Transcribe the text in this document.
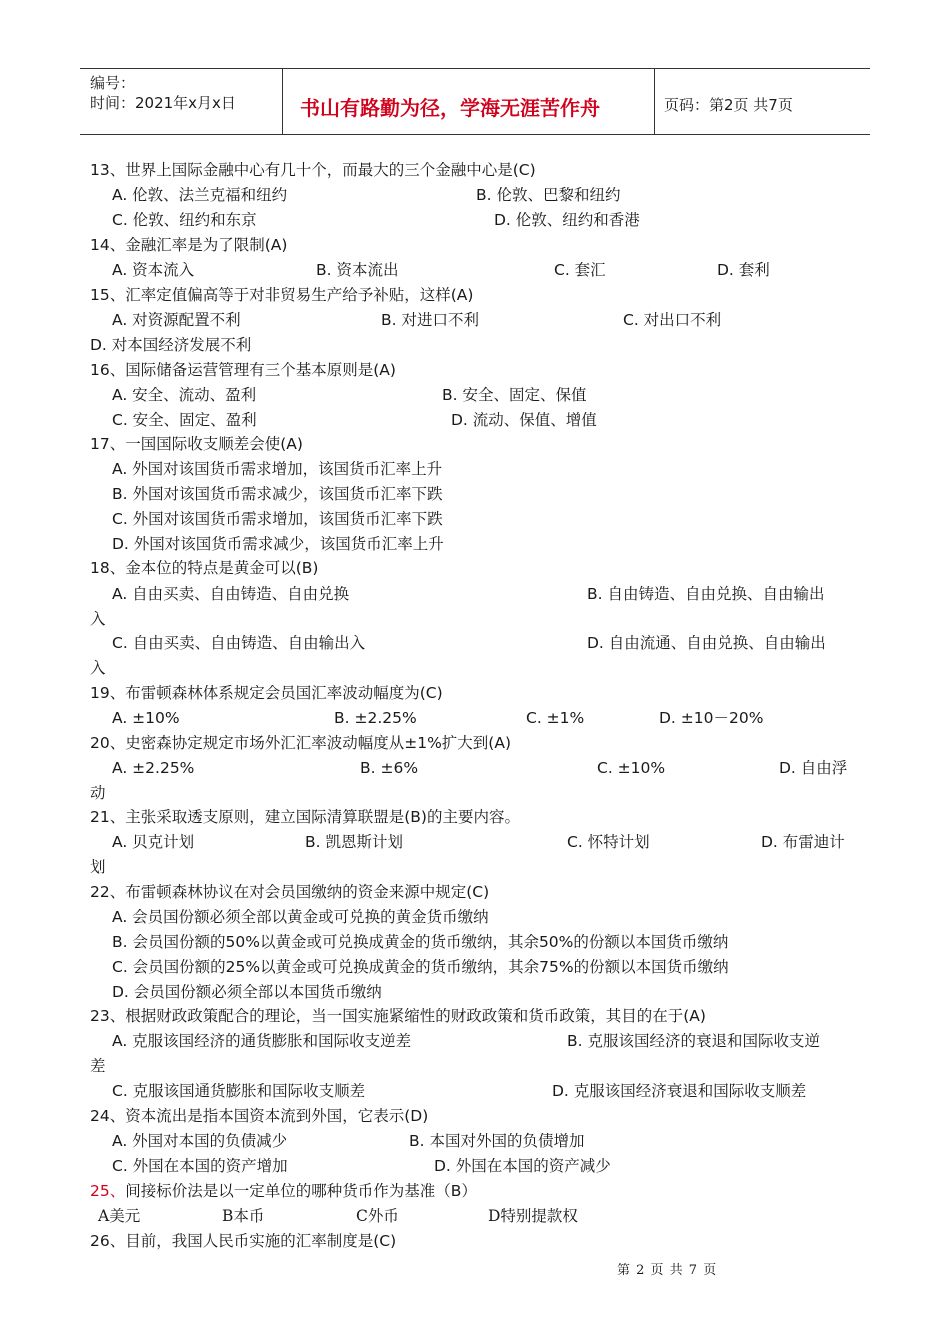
编号：
时间：2021年x月x日	书山有路勤为径，学海无涯苦作舟	页码：第2页 共7页
13、世界上国际金融中心有几十个，而最大的三个金融中心是(C)
A. 伦敦、法兰克福和纽约	B. 伦敦、巴黎和纽约
C. 伦敦、纽约和东京	D. 伦敦、纽约和香港
14、金融汇率是为了限制(A)
A. 资本流入	B. 资本流出	C. 套汇	D. 套利
15、汇率定值偏高等于对非贸易生产给予补贴，这样(A)
A. 对资源配置不利	B. 对进口不利	C. 对出口不利
D. 对本国经济发展不利
16、国际储备运营管理有三个基本原则是(A)
A. 安全、流动、盈利	B. 安全、固定、保值
C. 安全、固定、盈利	D. 流动、保值、增值
17、一国国际收支顺差会使(A)
A. 外国对该国货币需求增加，该国货币汇率上升
B. 外国对该国货币需求减少，该国货币汇率下跌
C. 外国对该国货币需求增加，该国货币汇率下跌
D. 外国对该国货币需求减少，该国货币汇率上升
18、金本位的特点是黄金可以(B)
A. 自由买卖、自由铸造、自由兑换	B. 自由铸造、自由兑换、自由输出
入
C. 自由买卖、自由铸造、自由输出入	D. 自由流通、自由兑换、自由输出
入
19、布雷顿森林体系规定会员国汇率波动幅度为(C)
A. ±10%	B. ±2.25%	C. ±1%	D. ±10－20%
20、史密森协定规定市场外汇汇率波动幅度从±1%扩大到(A)
A. ±2.25%	B. ±6%	C. ±10%	D. 自由浮
动
21、主张采取透支原则，建立国际清算联盟是(B)的主要内容。
A. 贝克计划	B. 凯恩斯计划	C. 怀特计划	D. 布雷迪计
划
22、布雷顿森林协议在对会员国缴纳的资金来源中规定(C)
A. 会员国份额必须全部以黄金或可兑换的黄金货币缴纳
B. 会员国份额的50%以黄金或可兑换成黄金的货币缴纳，其余50%的份额以本国货币缴纳
C. 会员国份额的25%以黄金或可兑换成黄金的货币缴纳，其余75%的份额以本国货币缴纳
D. 会员国份额必须全部以本国货币缴纳
23、根据财政政策配合的理论，当一国实施紧缩性的财政政策和货币政策，其目的在于(A)
A. 克服该国经济的通货膨胀和国际收支逆差	B. 克服该国经济的衰退和国际收支逆
差
C. 克服该国通货膨胀和国际收支顺差	D. 克服该国经济衰退和国际收支顺差
24、资本流出是指本国资本流到外国，它表示(D)
A. 外国对本国的负债减少	B. 本国对外国的负债增加
C. 外国在本国的资产增加	D. 外国在本国的资产减少
25、间接标价法是以一定单位的哪种货币作为基准（B）
A美元	B本币	C外币	D特别提款权
26、目前，我国人民币实施的汇率制度是(C)
第 2 页 共 7 页
